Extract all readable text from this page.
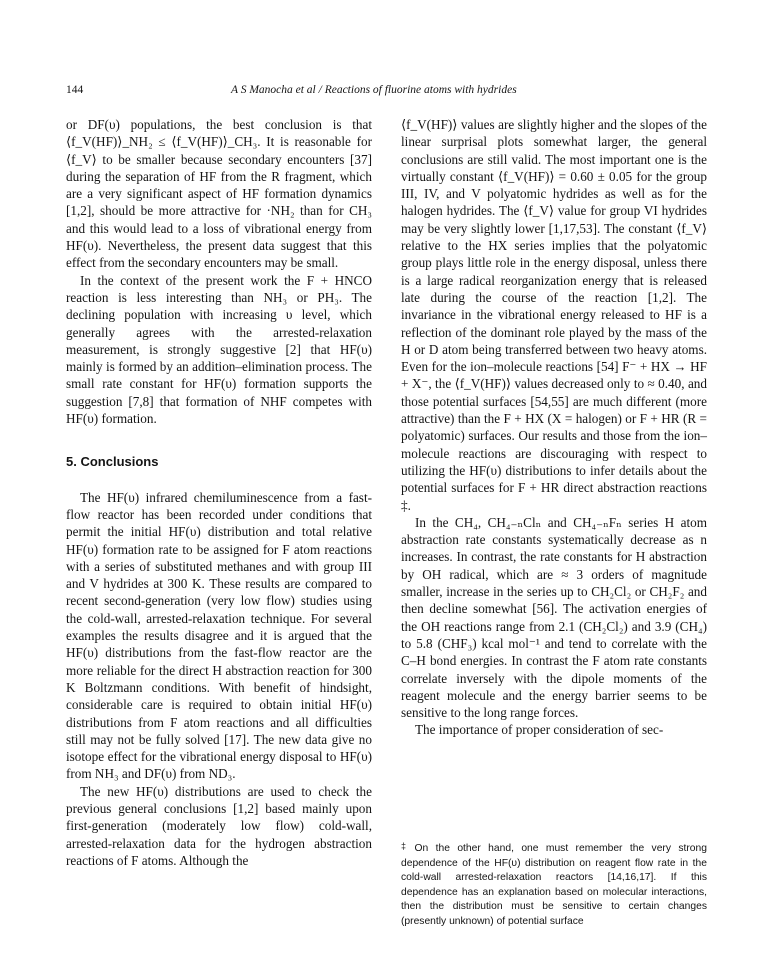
144	A S Manocha et al / Reactions of fluorine atoms with hydrides

or DF(υ) populations, the best conclusion is that ⟨f_V(HF)⟩_NH₂ ≤ ⟨f_V(HF)⟩_CH₃. It is reasonable for ⟨f_V⟩ to be smaller because secondary encounters [37] during the separation of HF from the R fragment, which are a very significant aspect of HF formation dynamics [1,2], should be more attractive for ·NH₂ than for CH₃ and this would lead to a loss of vibrational energy from HF(υ). Nevertheless, the present data suggest that this effect from the secondary encounters may be small.

In the context of the present work the F + HNCO reaction is less interesting than NH₃ or PH₃. The declining population with increasing υ level, which generally agrees with the arrested-relaxation measurement, is strongly suggestive [2] that HF(υ) mainly is formed by an addition–elimination process. The small rate constant for HF(υ) formation supports the suggestion [7,8] that formation of NHF competes with HF(υ) formation.

5. Conclusions

The HF(υ) infrared chemiluminescence from a fast-flow reactor has been recorded under conditions that permit the initial HF(υ) distribution and total relative HF(υ) formation rate to be assigned for F atom reactions with a series of substituted methanes and with group III and V hydrides at 300 K. These results are compared to recent second-generation (very low flow) studies using the cold-wall, arrested-relaxation technique. For several examples the results disagree and it is argued that the HF(υ) distributions from the fast-flow reactor are the more reliable for the direct H abstraction reaction for 300 K Boltzmann conditions. With benefit of hindsight, considerable care is required to obtain initial HF(υ) distributions from F atom reactions and all difficulties still may not be fully solved [17]. The new data give no isotope effect for the vibrational energy disposal to HF(υ) from NH₃ and DF(υ) from ND₃.

The new HF(υ) distributions are used to check the previous general conclusions [1,2] based mainly upon first-generation (moderately low flow) cold-wall, arrested-relaxation data for the hydrogen abstraction reactions of F atoms. Although the

⟨f_V(HF)⟩ values are slightly higher and the slopes of the linear surprisal plots somewhat larger, the general conclusions are still valid. The most important one is the virtually constant ⟨f_V(HF)⟩ = 0.60 ± 0.05 for the group III, IV, and V polyatomic hydrides as well as for the halogen hydrides. The ⟨f_V⟩ value for group VI hydrides may be very slightly lower [1,17,53]. The constant ⟨f_V⟩ relative to the HX series implies that the polyatomic group plays little role in the energy disposal, unless there is a large radical reorganization energy that is released late during the course of the reaction [1,2]. The invariance in the vibrational energy released to HF is a reflection of the dominant role played by the mass of the H or D atom being transferred between two heavy atoms. Even for the ion–molecule reactions [54] F⁻ + HX → HF + X⁻, the ⟨f_V(HF)⟩ values decreased only to ≈ 0.40, and those potential surfaces [54,55] are much different (more attractive) than the F + HX (X = halogen) or F + HR (R = polyatomic) surfaces. Our results and those from the ion–molecule reactions are discouraging with respect to utilizing the HF(υ) distributions to infer details about the potential surfaces for F + HR direct abstraction reactions ‡.

In the CH₄, CH₄₋ₙClₙ and CH₄₋ₙFₙ series H atom abstraction rate constants systematically decrease as n increases. In contrast, the rate constants for H abstraction by OH radical, which are ≈ 3 orders of magnitude smaller, increase in the series up to CH₂Cl₂ or CH₂F₂ and then decline somewhat [56]. The activation energies of the OH reactions range from 2.1 (CH₂Cl₂) and 3.9 (CH₄) to 5.8 (CHF₃) kcal mol⁻¹ and tend to correlate with the C–H bond energies. In contrast the F atom rate constants correlate inversely with the dipole moments of the reagent molecule and the energy barrier seems to be sensitive to the long range forces.

The importance of proper consideration of sec-

‡ On the other hand, one must remember the very strong dependence of the HF(υ) distribution on reagent flow rate in the cold-wall arrested-relaxation reactors [14,16,17]. If this dependence has an explanation based on molecular interactions, then the distribution must be sensitive to certain changes (presently unknown) of potential surface
